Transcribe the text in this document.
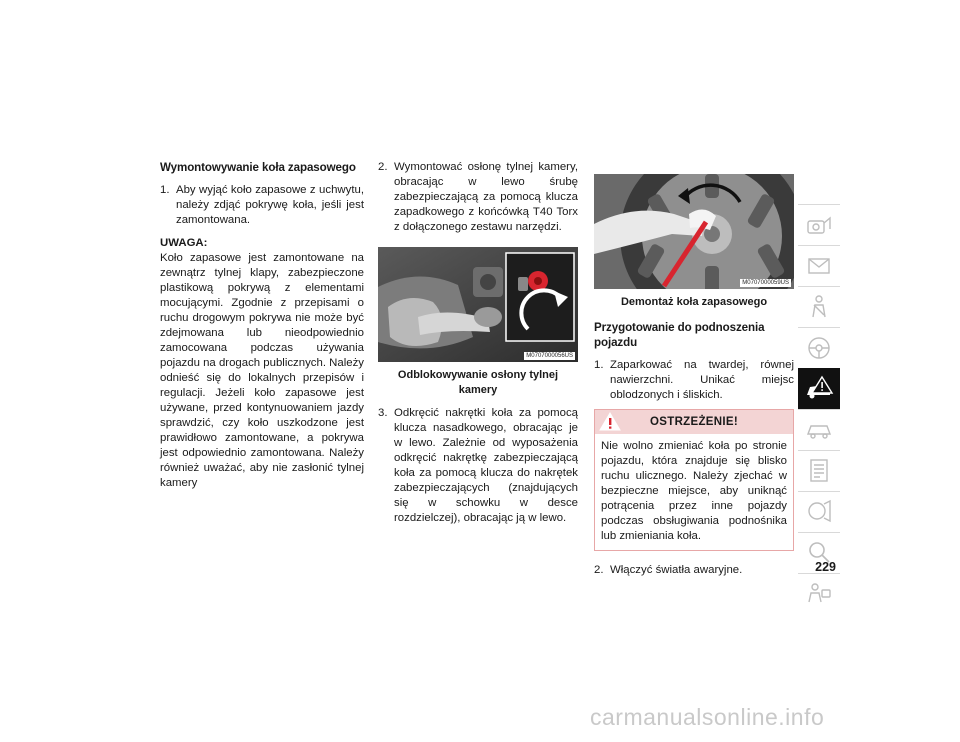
Wymontowywanie koła zapasowego

1. Aby wyjąć koło zapasowe z uchwytu, należy zdjąć pokrywę koła, jeśli jest zamontowana.

UWAGA:

Koło zapasowe jest zamontowane na zewnątrz tylnej klapy, zabezpieczone plastikową pokrywą z elementami mocującymi. Zgodnie z przepisami o ruchu drogowym pokrywa nie może być zdejmowana lub nieodpowiednio zamocowana podczas używania pojazdu na drogach publicznych. Należy odnieść się do lokalnych przepisów i regulacji. Jeżeli koło zapasowe jest używane, przed kontynuowaniem jazdy sprawdzić, czy koło uszkodzone jest prawidłowo zamontowane, a pokrywa jest odpowiednio zamontowana. Należy również uważać, aby nie zasłonić tylnej kamery

2. Wymontować osłonę tylnej kamery, obracając w lewo śrubę zabezpieczającą za pomocą klucza zapadkowego z końcówką T40 Torx z dołączonego zestawu narzędzi.
M0707000056US

Odblokowywanie osłony tylnej kamery

3. Odkręcić nakrętki koła za pomocą klucza nasadkowego, obracając je w lewo. Zależnie od wyposażenia odkręcić nakrętkę zabezpieczającą koła za pomocą klucza do nakrętek zabezpieczających (znajdujących się w schowku w desce rozdzielczej), obracając ją w lewo.
M0707000059US

Demontaż koła zapasowego

Przygotowanie do podnoszenia pojazdu

1. Zaparkować na twardej, równej nawierzchni. Unikać miejsc oblodzonych i śliskich.
OSTRZEŻENIE!
Nie wolno zmieniać koła po stronie pojazdu, która znajduje się blisko ruchu ulicznego. Należy zjechać w bezpieczne miejsce, aby uniknąć potrącenia przez inne pojazdy podczas obsługiwania podnośnika lub zmieniania koła.
2. Włączyć światła awaryjne.	229
carmanualsonline.info
